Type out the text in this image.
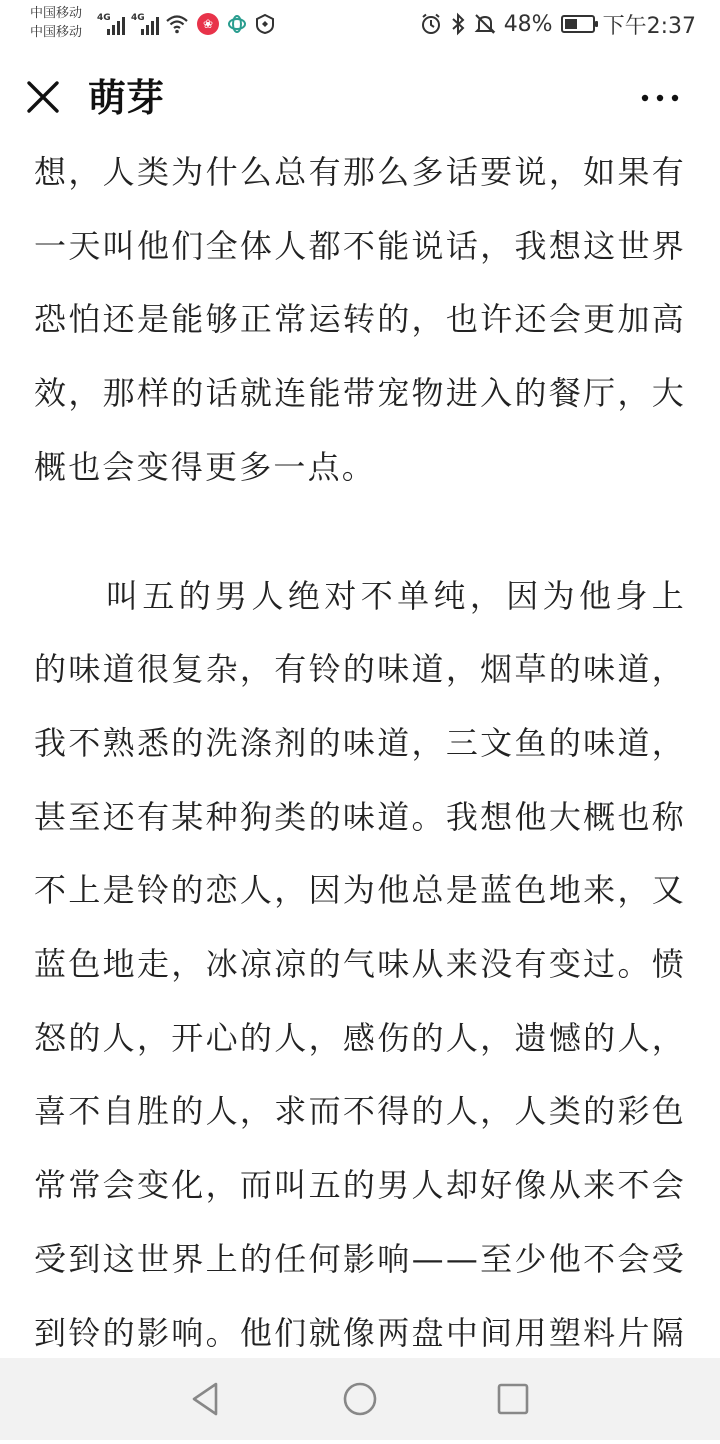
中国移动
中国移动
4G 4G	❀	48% 下午2:37
萌芽

想，人类为什么总有那么多话要说，如果有一天叫他们全体人都不能说话，我想这世界恐怕还是能够正常运转的，也许还会更加高效，那样的话就连能带宠物进入的餐厅，大概也会变得更多一点。

叫五的男人绝对不单纯，因为他身上的味道很复杂，有铃的味道，烟草的味道，我不熟悉的洗涤剂的味道，三文鱼的味道，甚至还有某种狗类的味道。我想他大概也称不上是铃的恋人，因为他总是蓝色地来，又蓝色地走，冰凉凉的气味从来没有变过。愤怒的人，开心的人，感伤的人，遗憾的人，喜不自胜的人，求而不得的人，人类的彩色常常会变化，而叫五的男人却好像从来不会受到这世界上的任何影响——至少他不会受到铃的影响。他们就像两盘中间用塑料片隔
